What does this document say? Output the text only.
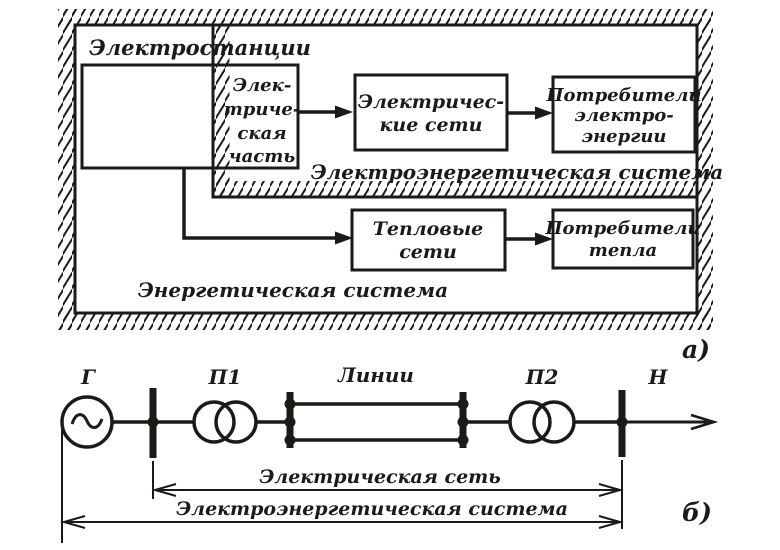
Электростанции
Элек-
триче-
ская
часть
Электричес-
кие сети
Потребители
электро-
энергии
Тепловые
сети
Потребители
тепла
Электроэнергетическая система
Энергетическая система
а)
Г	П1	Линии	П2	Н
Электрическая сеть
Электроэнергетическая система	б)
